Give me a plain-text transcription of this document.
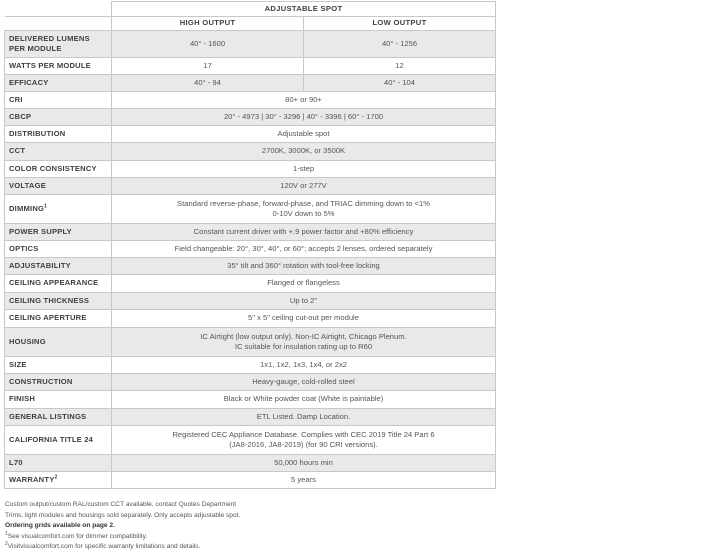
	ADJUSTABLE SPOT	
	HIGH OUTPUT	LOW OUTPUT
DELIVERED LUMENS PER MODULE	40° - 1600	40° - 1256
WATTS PER MODULE	17	12
EFFICACY	40° - 94	40° - 104
CRI	80+ or 90+	

CBCP	20° - 4973 | 30° - 3296 | 40° - 3396 | 60° - 1700	

DISTRIBUTION	Adjustable spot	

CCT	2700K, 3000K, or 3500K	

COLOR CONSISTENCY	1-step	

VOLTAGE	120V or 277V	

DIMMING$^1$	Standard reverse-phase, forward-phase, and TRIAC dimming down to <1%
0-10V down to 5%	

POWER SUPPLY	Constant current driver with +.9 power factor and +80% efficiency	

OPTICS	Field changeable: 20°, 30°, 40°, or 60°; accepts 2 lenses, ordered separately	

ADJUSTABILITY	35° tilt and 360° rotation with tool-free locking	

CEILING APPEARANCE	Flanged or flangeless	

CEILING THICKNESS	Up to 2"	

CEILING APERTURE	5" x 5" ceiling cut-out per module	

HOUSING	IC Airtight (low output only). Non-IC Airtight, Chicago Plenum.
IC suitable for insulation rating up to R60	

SIZE	1x1, 1x2, 1x3, 1x4, or 2x2	

CONSTRUCTION	Heavy-gauge, cold-rolled steel	

FINISH	Black or White powder coat (White is paintable)	

GENERAL LISTINGS	ETL Listed. Damp Location.	

CALIFORNIA TITLE 24	Registered CEC Appliance Database. Complies with CEC 2019 Title 24 Part 6
(JA8-2016, JA8-2019) (for 90 CRI versions).	

L70	50,000 hours min	

WARRANTY$^2$	5 years	
Custom output/custom RAL/custom CCT available, contact Quotes Department
Trims, light modules and housings sold separately. Only accepts adjustable spot.
Ordering grids available on page 2.
$^1$See visualcomfort.com for dimmer compatibility.
$^2$Visitvisualcomfort.com for specific warranty limitations and details.
